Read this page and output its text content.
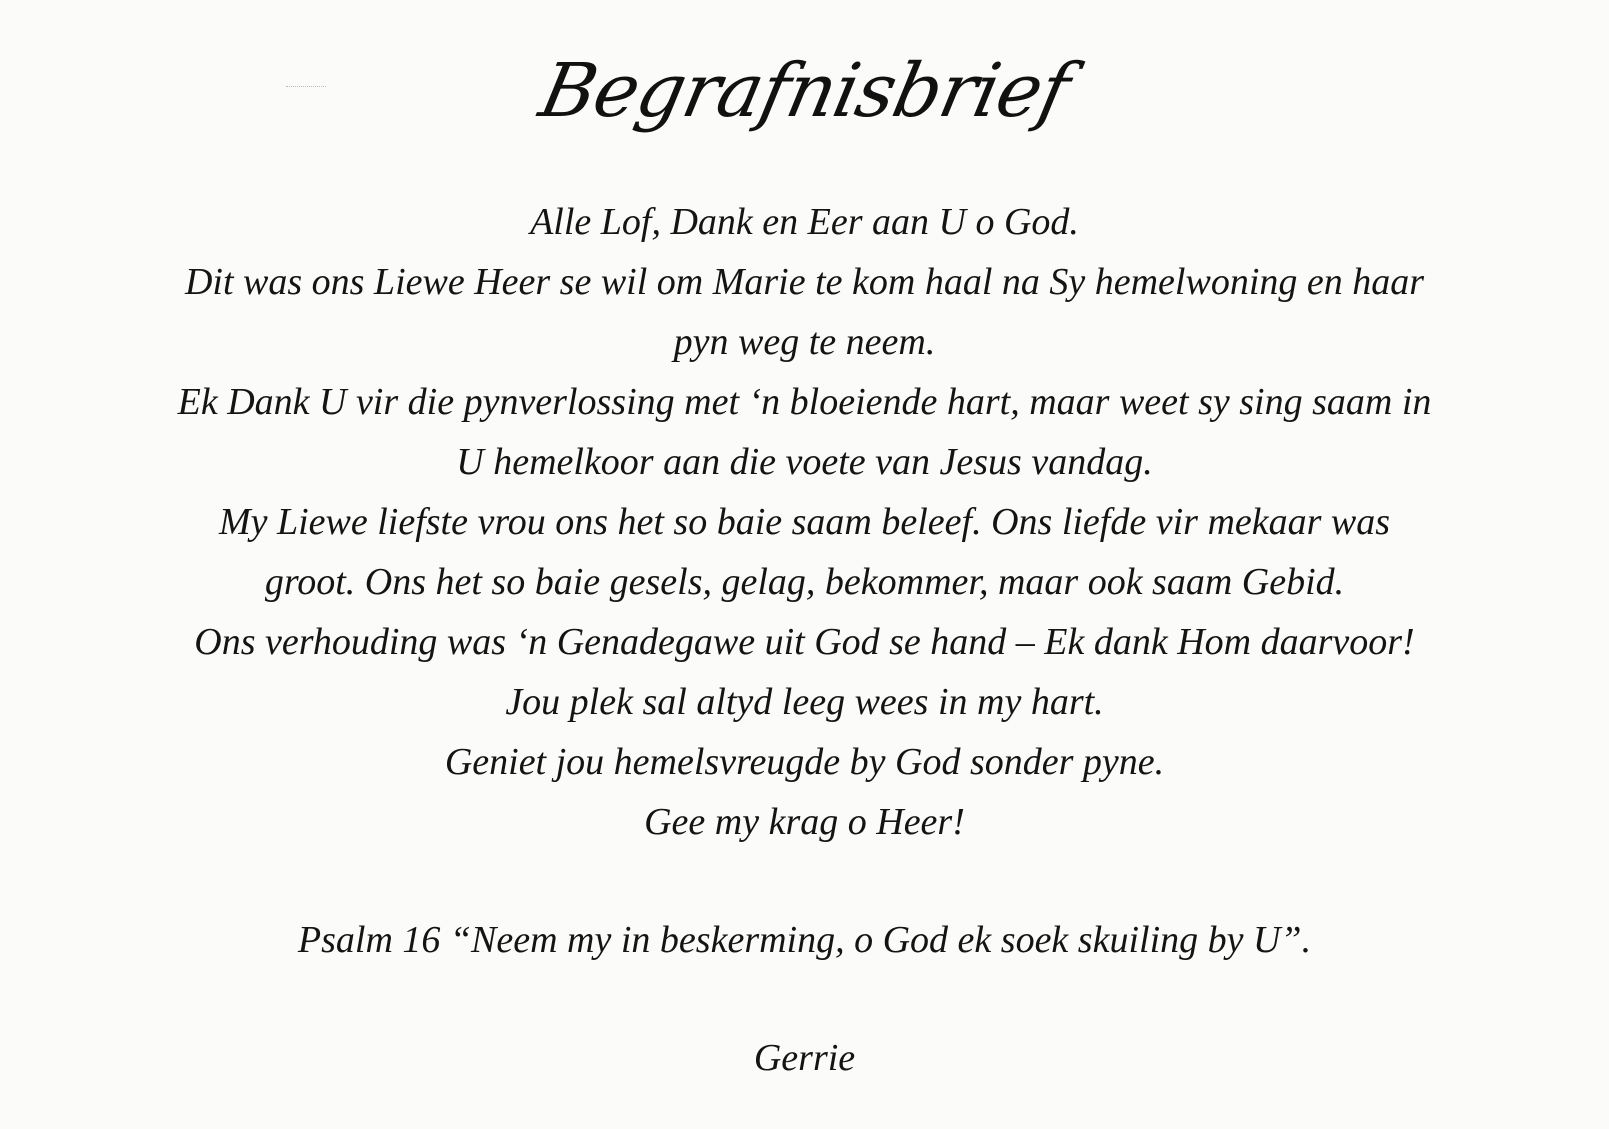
Begrafnisbrief
Alle Lof, Dank en Eer aan U o God.
Dit was ons Liewe Heer se wil om Marie te kom haal na Sy hemelwoning en haar
pyn weg te neem.
Ek Dank U vir die pynverlossing met ‘n bloeiende hart, maar weet sy sing saam in
U hemelkoor aan die voete van Jesus vandag.
My Liewe liefste vrou ons het so baie saam beleef. Ons liefde vir mekaar was
groot. Ons het so baie gesels, gelag, bekommer, maar ook saam Gebid.
Ons verhouding was ‘n Genadegawe uit God se hand – Ek dank Hom daarvoor!
Jou plek sal altyd leeg wees in my hart.
Geniet jou hemelsvreugde by God sonder pyne.
Gee my krag o Heer!
Psalm 16 “Neem my in beskerming, o God ek soek skuiling by U”.
Gerrie
